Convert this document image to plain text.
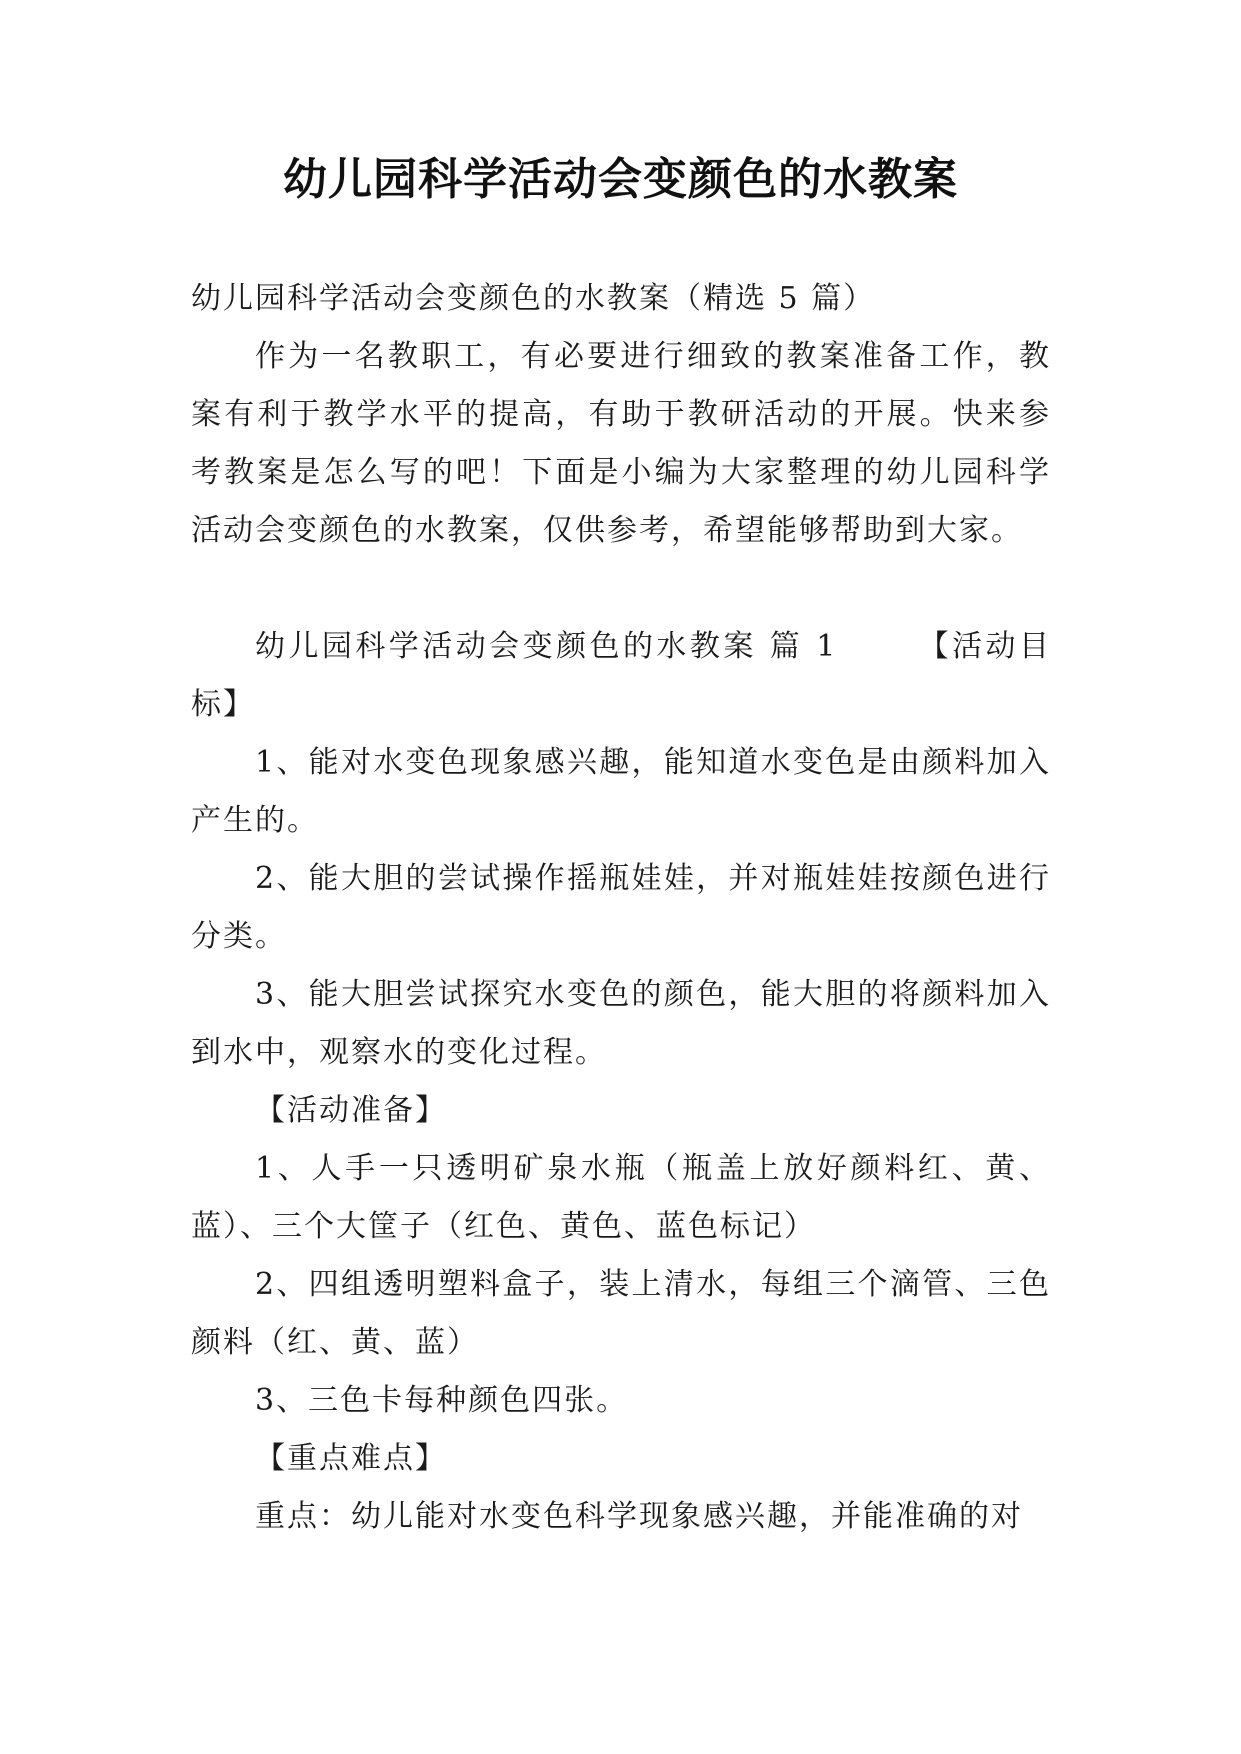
幼儿园科学活动会变颜色的水教案

幼儿园科学活动会变颜色的水教案（精选 5 篇）

作为一名教职工，有必要进行细致的教案准备工作，教案有利于教学水平的提高，有助于教研活动的开展。快来参考教案是怎么写的吧！下面是小编为大家整理的幼儿园科学活动会变颜色的水教案，仅供参考，希望能够帮助到大家。

幼儿园科学活动会变颜色的水教案 篇 1　　 【活动目标】

1、能对水变色现象感兴趣，能知道水变色是由颜料加入产生的。

2、能大胆的尝试操作摇瓶娃娃，并对瓶娃娃按颜色进行分类。

3、能大胆尝试探究水变色的颜色，能大胆的将颜料加入到水中，观察水的变化过程。

【活动准备】

1、人手一只透明矿泉水瓶（瓶盖上放好颜料红、黄、蓝）、三个大筐子（红色、黄色、蓝色标记）

2、四组透明塑料盒子，装上清水，每组三个滴管、三色颜料（红、黄、蓝）

3、三色卡每种颜色四张。

【重点难点】

重点：幼儿能对水变色科学现象感兴趣，并能准确的对
